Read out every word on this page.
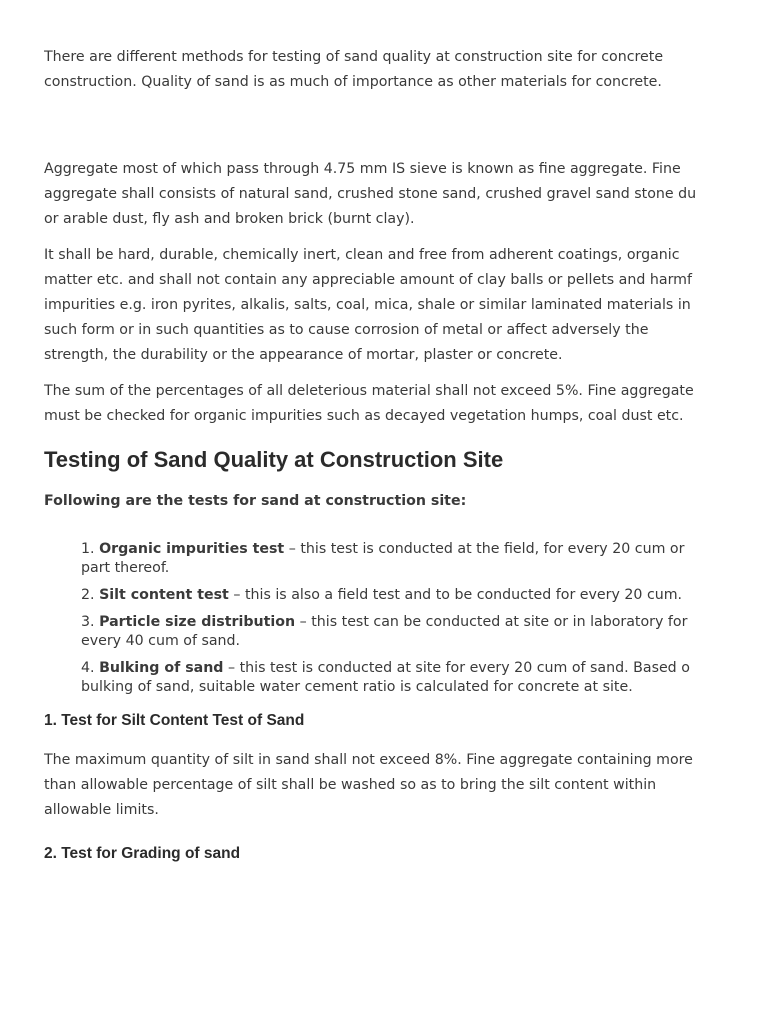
There are different methods for testing of sand quality at construction site for concrete construction. Quality of sand is as much of importance as other materials for concrete.

Aggregate most of which pass through 4.75 mm IS sieve is known as fine aggregate. Fine
aggregate shall consists of natural sand, crushed stone sand, crushed gravel sand stone du
or arable dust, fly ash and broken brick (burnt clay).

It shall be hard, durable, chemically inert, clean and free from adherent coatings, organic
matter etc. and shall not contain any appreciable amount of clay balls or pellets and harmf
impurities e.g. iron pyrites, alkalis, salts, coal, mica, shale or similar laminated materials in
such form or in such quantities as to cause corrosion of metal or affect adversely the
strength, the durability or the appearance of mortar, plaster or concrete.

The sum of the percentages of all deleterious material shall not exceed 5%. Fine aggregate
must be checked for organic impurities such as decayed vegetation humps, coal dust etc.

Testing of Sand Quality at Construction Site

Following are the tests for sand at construction site:

1. Organic impurities test – this test is conducted at the field, for every 20 cum or
part thereof.
2. Silt content test – this is also a field test and to be conducted for every 20 cum.
3. Particle size distribution – this test can be conducted at site or in laboratory for
every 40 cum of sand.
4. Bulking of sand – this test is conducted at site for every 20 cum of sand. Based o
bulking of sand, suitable water cement ratio is calculated for concrete at site.
1. Test for Silt Content Test of Sand

The maximum quantity of silt in sand shall not exceed 8%. Fine aggregate containing more
than allowable percentage of silt shall be washed so as to bring the silt content within
allowable limits.

2. Test for Grading of sand
